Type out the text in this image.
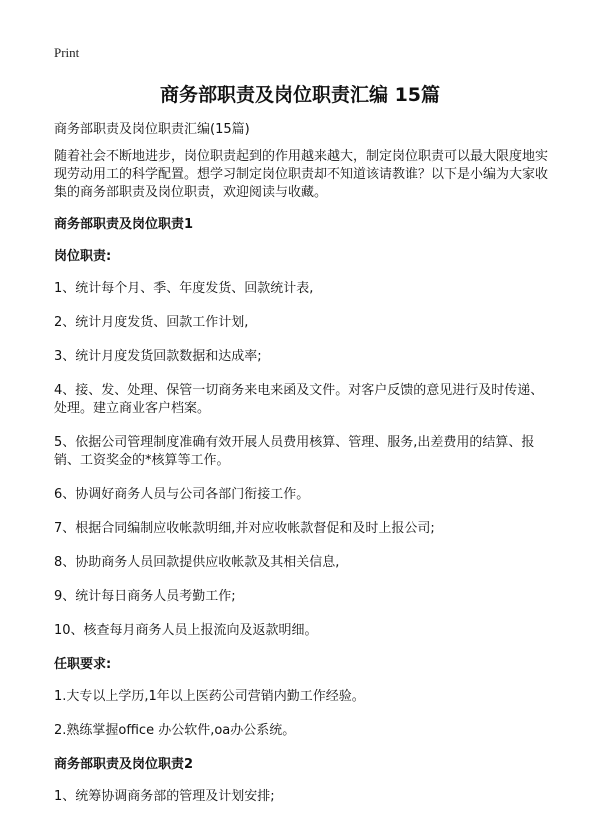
Print
商务部职责及岗位职责汇编 15篇

商务部职责及岗位职责汇编(15篇)

随着社会不断地进步，岗位职责起到的作用越来越大，制定岗位职责可以最大限度地实现劳动用工的科学配置。想学习制定岗位职责却不知道该请教谁？以下是小编为大家收集的商务部职责及岗位职责，欢迎阅读与收藏。

商务部职责及岗位职责1
岗位职责:

1、统计每个月、季、年度发货、回款统计表,

2、统计月度发货、回款工作计划,

3、统计月度发货回款数据和达成率;

4、接、发、处理、保管一切商务来电来函及文件。对客户反馈的意见进行及时传递、处理。建立商业客户档案。

5、依据公司管理制度准确有效开展人员费用核算、管理、服务,出差费用的结算、报销、工资奖金的*核算等工作。

6、协调好商务人员与公司各部门衔接工作。

7、根据合同编制应收帐款明细,并对应收帐款督促和及时上报公司;

8、协助商务人员回款提供应收帐款及其相关信息,

9、统计每日商务人员考勤工作;

10、核查每月商务人员上报流向及返款明细。

任职要求:

1.大专以上学历,1年以上医药公司营销内勤工作经验。

2.熟练掌握office 办公软件,oa办公系统。

商务部职责及岗位职责2

1、统筹协调商务部的管理及计划安排;
